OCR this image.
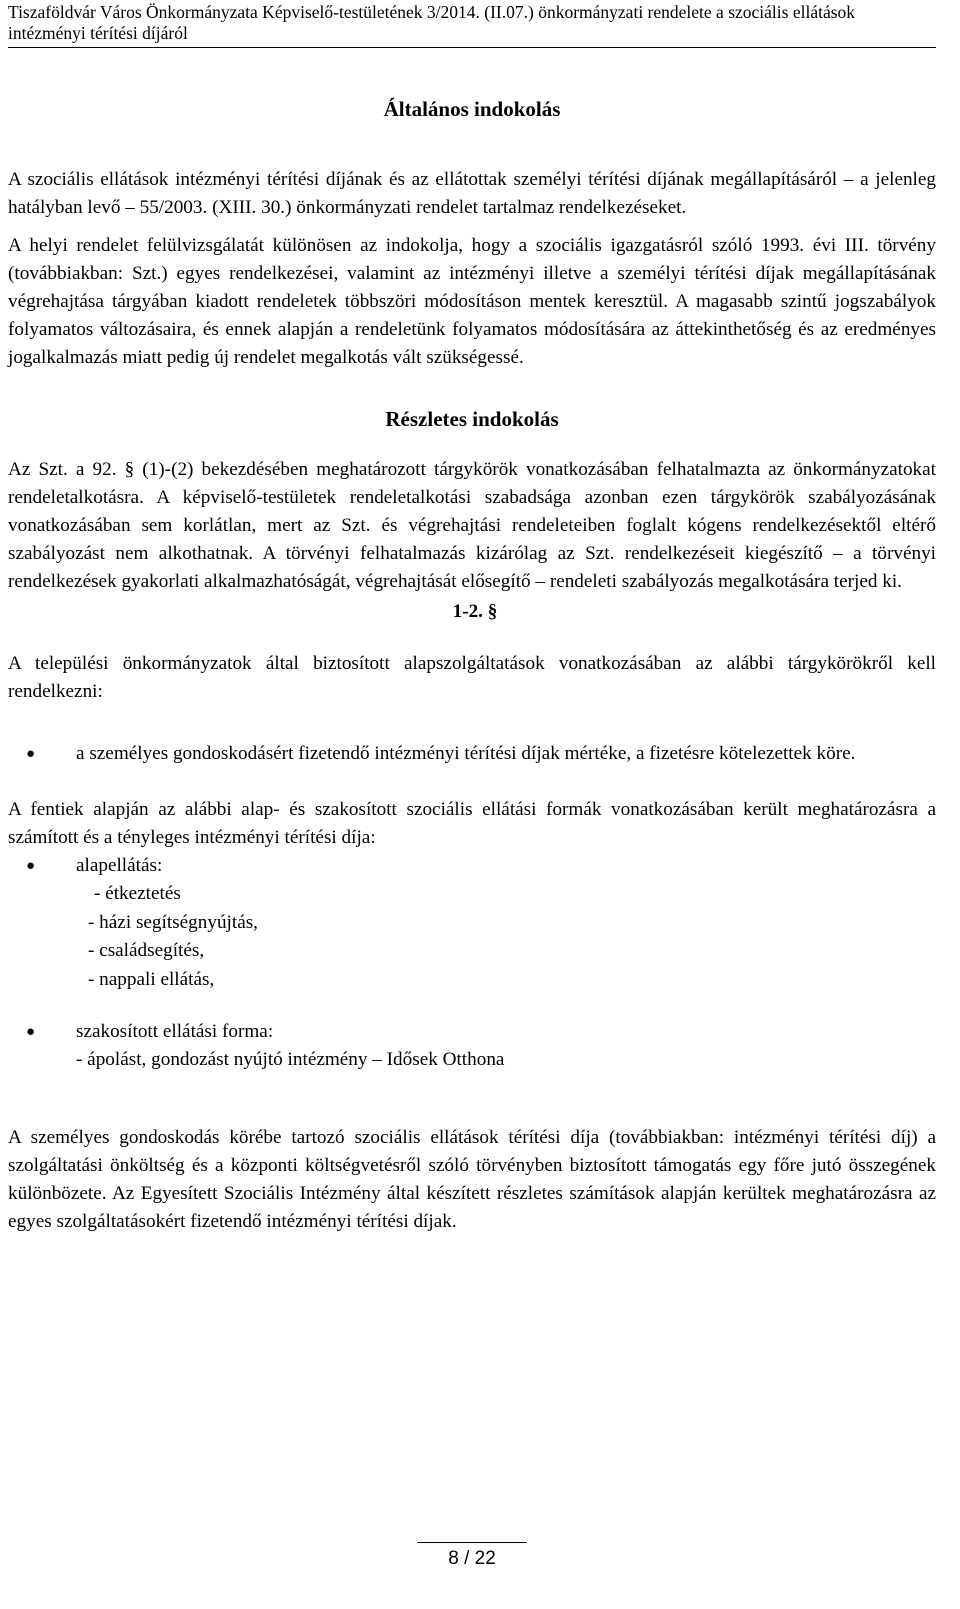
Tiszaföldvár Város Önkormányzata Képviselő-testületének 3/2014. (II.07.) önkormányzati rendelete a szociális ellátások
intézményi térítési díjáról
Általános indokolás

A szociális ellátások intézményi térítési díjának és az ellátottak személyi térítési díjának megállapításáról – a jelenleg hatályban levő – 55/2003. (XIII. 30.) önkormányzati rendelet tartalmaz rendelkezéseket.

A helyi rendelet felülvizsgálatát különösen az indokolja, hogy a szociális igazgatásról szóló 1993. évi III. törvény (továbbiakban: Szt.) egyes rendelkezései, valamint az intézményi illetve a személyi térítési díjak megállapításának végrehajtása tárgyában kiadott rendeletek többszöri módosításon mentek keresztül. A magasabb szintű jogszabályok folyamatos változásaira, és ennek alapján a rendeletünk folyamatos módosítására az áttekinthetőség és az eredményes jogalkalmazás miatt pedig új rendelet megalkotás vált szükségessé.

Részletes indokolás

Az Szt. a 92. § (1)-(2) bekezdésében meghatározott tárgykörök vonatkozásában felhatalmazta az önkormányzatokat rendeletalkotásra. A képviselő-testületek rendeletalkotási szabadsága azonban ezen tárgykörök szabályozásának vonatkozásában sem korlátlan, mert az Szt. és végrehajtási rendeleteiben foglalt kógens rendelkezésektől eltérő szabályozást nem alkothatnak. A törvényi felhatalmazás kizárólag az Szt. rendelkezéseit kiegészítő – a törvényi rendelkezések gyakorlati alkalmazhatóságát, végrehajtását elősegítő – rendeleti szabályozás megalkotására terjed ki.

1-2. §

A települési önkormányzatok által biztosított alapszolgáltatások vonatkozásában az alábbi tárgykörökről kell rendelkezni:

● a személyes gondoskodásért fizetendő intézményi térítési díjak mértéke, a fizetésre kötelezettek köre.

A fentiek alapján az alábbi alap- és szakosított szociális ellátási formák vonatkozásában került meghatározásra a számított és a tényleges intézményi térítési díja:

● alapellátás:
- étkeztetés
- házi segítségnyújtás,
- családsegítés,
- nappali ellátás,
● szakosított ellátási forma:
- ápolást, gondozást nyújtó intézmény – Idősek Otthona

A személyes gondoskodás körébe tartozó szociális ellátások térítési díja (továbbiakban: intézményi térítési díj) a szolgáltatási önköltség és a központi költségvetésről szóló törvényben biztosított támogatás egy főre jutó összegének különbözete. Az Egyesített Szociális Intézmény által készített részletes számítások alapján kerültek meghatározásra az egyes szolgáltatásokért fizetendő intézményi térítési díjak.

8 / 22
